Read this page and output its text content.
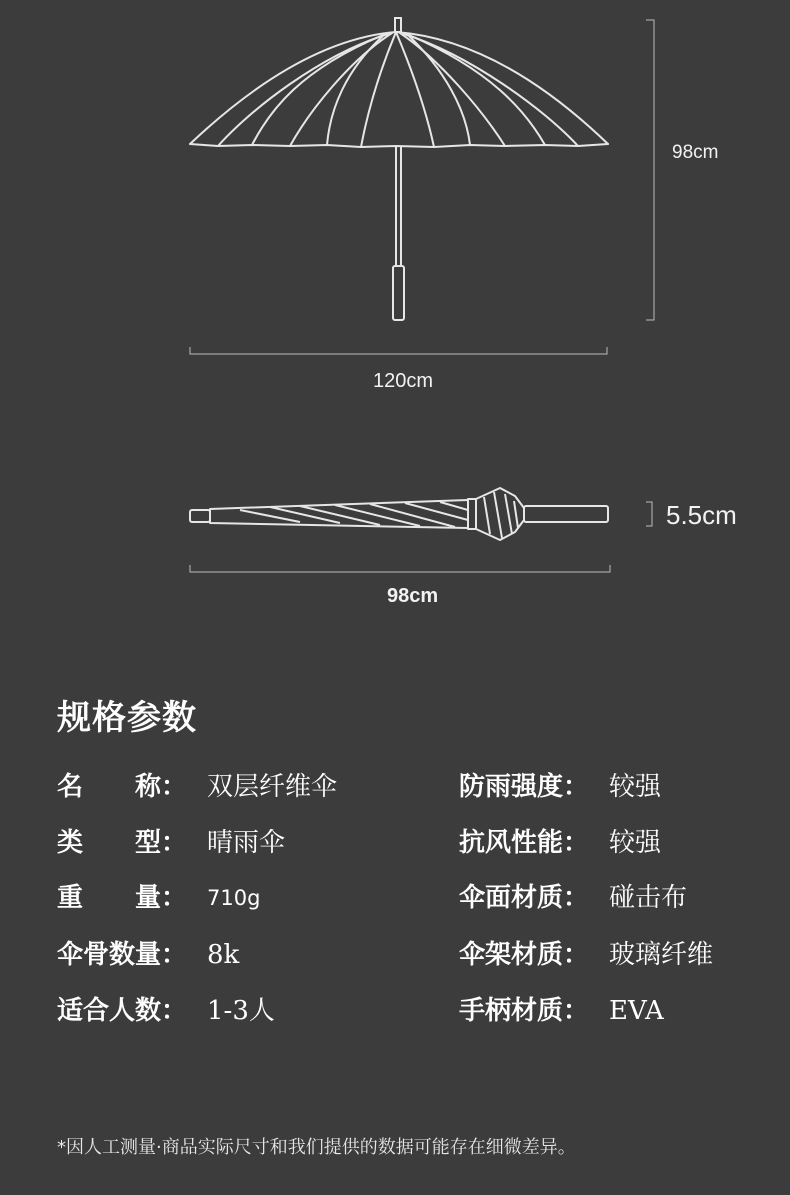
98cm
120cm
5.5cm
98cm
规格参数
名　　称： 双层纤维伞
类　　型： 晴雨伞
重　　量： 710g
伞骨数量： 8k
适合人数： 1-3人
防雨强度： 较强
抗风性能： 较强
伞面材质： 碰击布
伞架材质： 玻璃纤维
手柄材质： EVA
*因人工测量·商品实际尺寸和我们提供的数据可能存在细微差异。
